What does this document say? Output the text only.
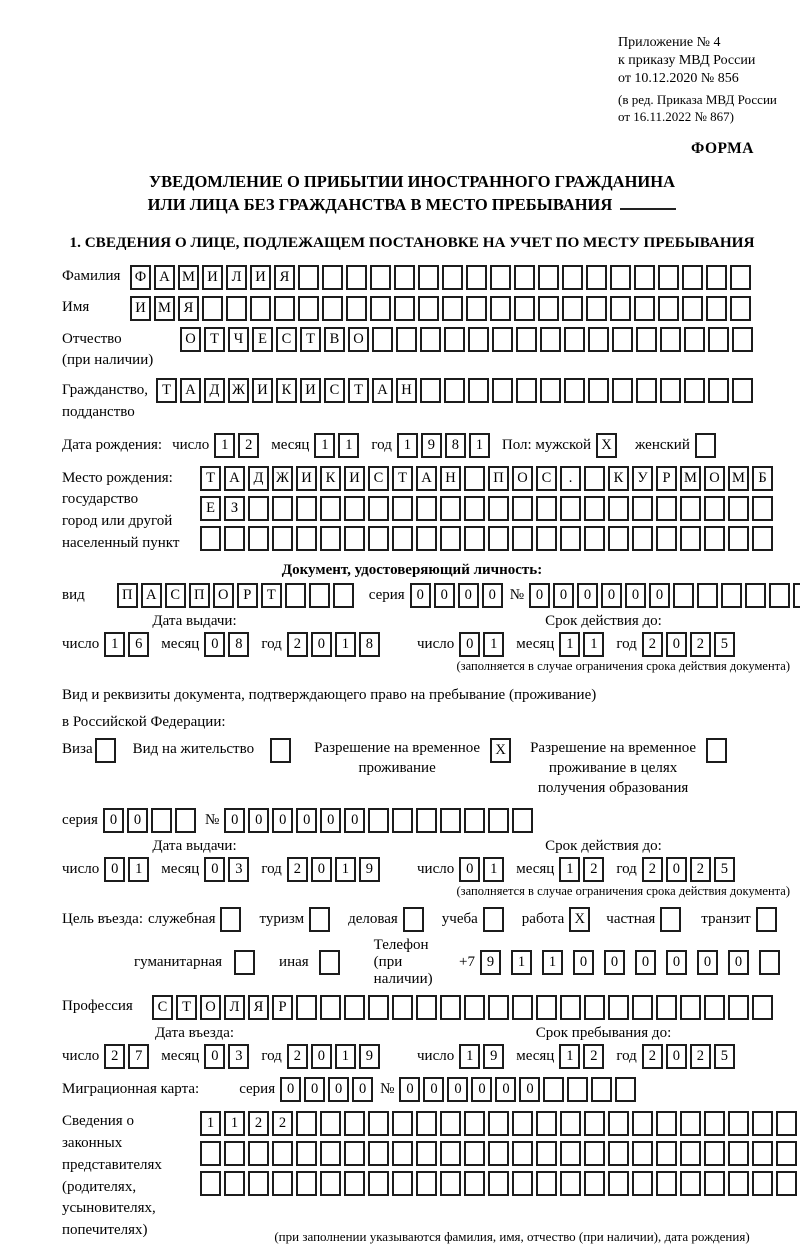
Приложение № 4
к приказу МВД России
от 10.12.2020 № 856
(в ред. Приказа МВД России
от 16.11.2022 № 867)
ФОРМА
УВЕДОМЛЕНИЕ О ПРИБЫТИИ ИНОСТРАННОГО ГРАЖДАНИНА
ИЛИ ЛИЦА БЕЗ ГРАЖДАНСТВА В МЕСТО ПРЕБЫВАНИЯ
1. СВЕДЕНИЯ О ЛИЦЕ, ПОДЛЕЖАЩЕМ ПОСТАНОВКЕ НА УЧЕТ ПО МЕСТУ ПРЕБЫВАНИЯ
Фамилия Ф А М И Л И Я
Имя	И М Я
Отчество
(при наличии)
О Т	Ч	Е	С	Т	В О
Гражданство,
подданство
Т А Д Ж И К И С	Т А Н
Дата рождения: число 1	2	месяц 1	1	год 1	9	8	1	Пол: мужской X	женский
Место рождения:
государство
город или другой
населенный пункт
Т А Д Ж И К И С	Т А Н	П О С	.	К У	Р М О М Б
Е	З
Документ, удостоверяющий личность:
вид	П А С П О	Р	Т	серия 0	0	0	0 № 0	0	0	0	0	0
Дата выдачи:
число 1	6	месяц 0	8	год 2	0	1	8
Срок действия до:
число 0	1	месяц 1	1	год 2	0	2	5
(заполняется в случае ограничения срока действия документа)
Вид и реквизиты документа, подтверждающего право на пребывание (проживание)
в Российской Федерации:
Виза	Вид на жительство	Разрешение на временное
проживание
X	Разрешение на временное
проживание в целях
получения образования
серия 0	0	№ 0	0	0	0	0	0
Дата выдачи:
число 0	1	месяц 0	3	год 2	0	1	9
Срок действия до:
число 0	1	месяц 1	2	год 2	0	2	5
(заполняется в случае ограничения срока действия документа)
Цель въезда: служебная	туризм	деловая	учеба	работа X	частная	транзит
гуманитарная	иная
Телефон (при наличии)
+7 9	1	1	0	0	0	0	0	0
Профессия	С	Т О Л Я	Р
Дата въезда:
число 2	7	месяц 0	3	год 2	0	1	9
Срок пребывания до:
число 1	9	месяц 1	2	год 2	0	2	5
Миграционная карта:	серия 0	0	0	0 № 0	0	0	0	0	0
Сведения о
законных
представителях
(родителях,
усыновителях,
попечителях)
1	1	2	2
(при заполнении указываются фамилия, имя, отчество (при наличии), дата рождения)
